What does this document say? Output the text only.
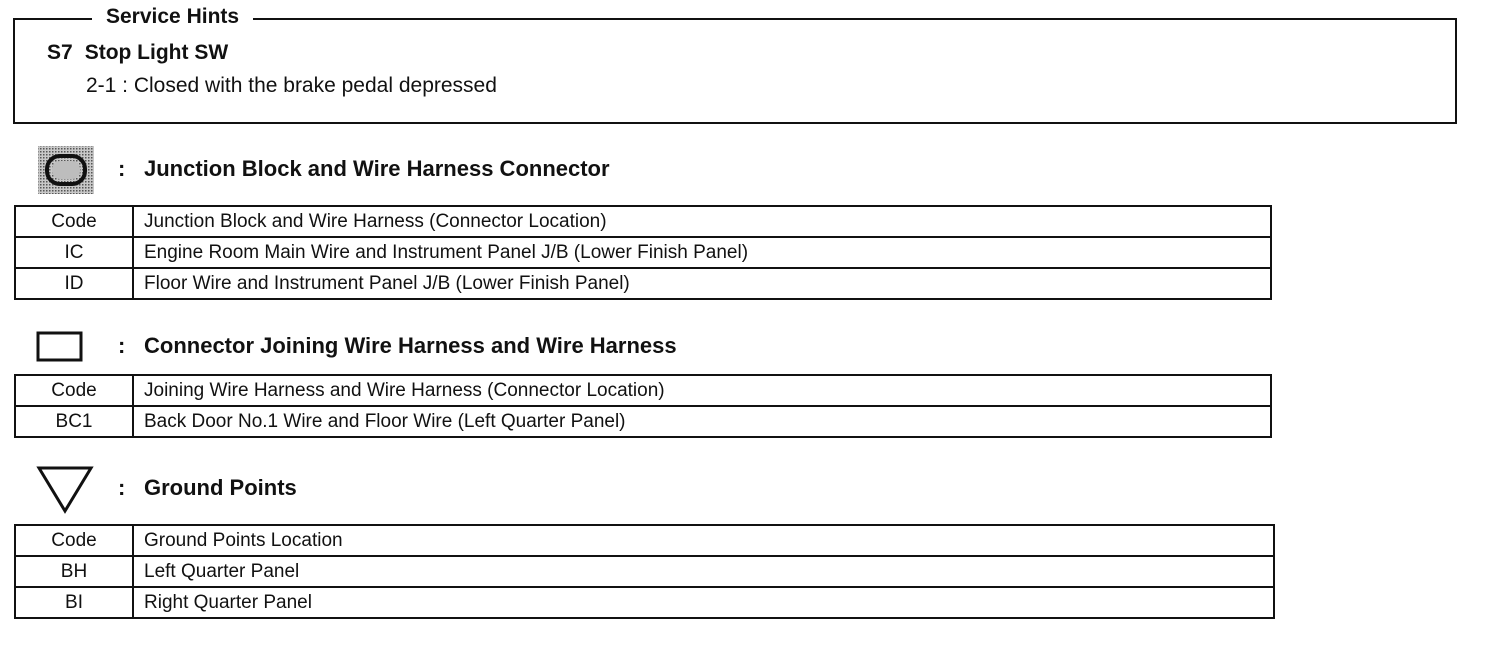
Service Hints
S7 Stop Light SW
2-1 : Closed with the brake pedal depressed
: Junction Block and Wire Harness Connector
Code	Junction Block and Wire Harness (Connector Location)
IC	Engine Room Main Wire and Instrument Panel J/B (Lower Finish Panel)
ID	Floor Wire and Instrument Panel J/B (Lower Finish Panel)
: Connector Joining Wire Harness and Wire Harness
Code	Joining Wire Harness and Wire Harness (Connector Location)
BC1	Back Door No.1 Wire and Floor Wire (Left Quarter Panel)
: Ground Points
Code	Ground Points Location
BH	Left Quarter Panel
BI	Right Quarter Panel
